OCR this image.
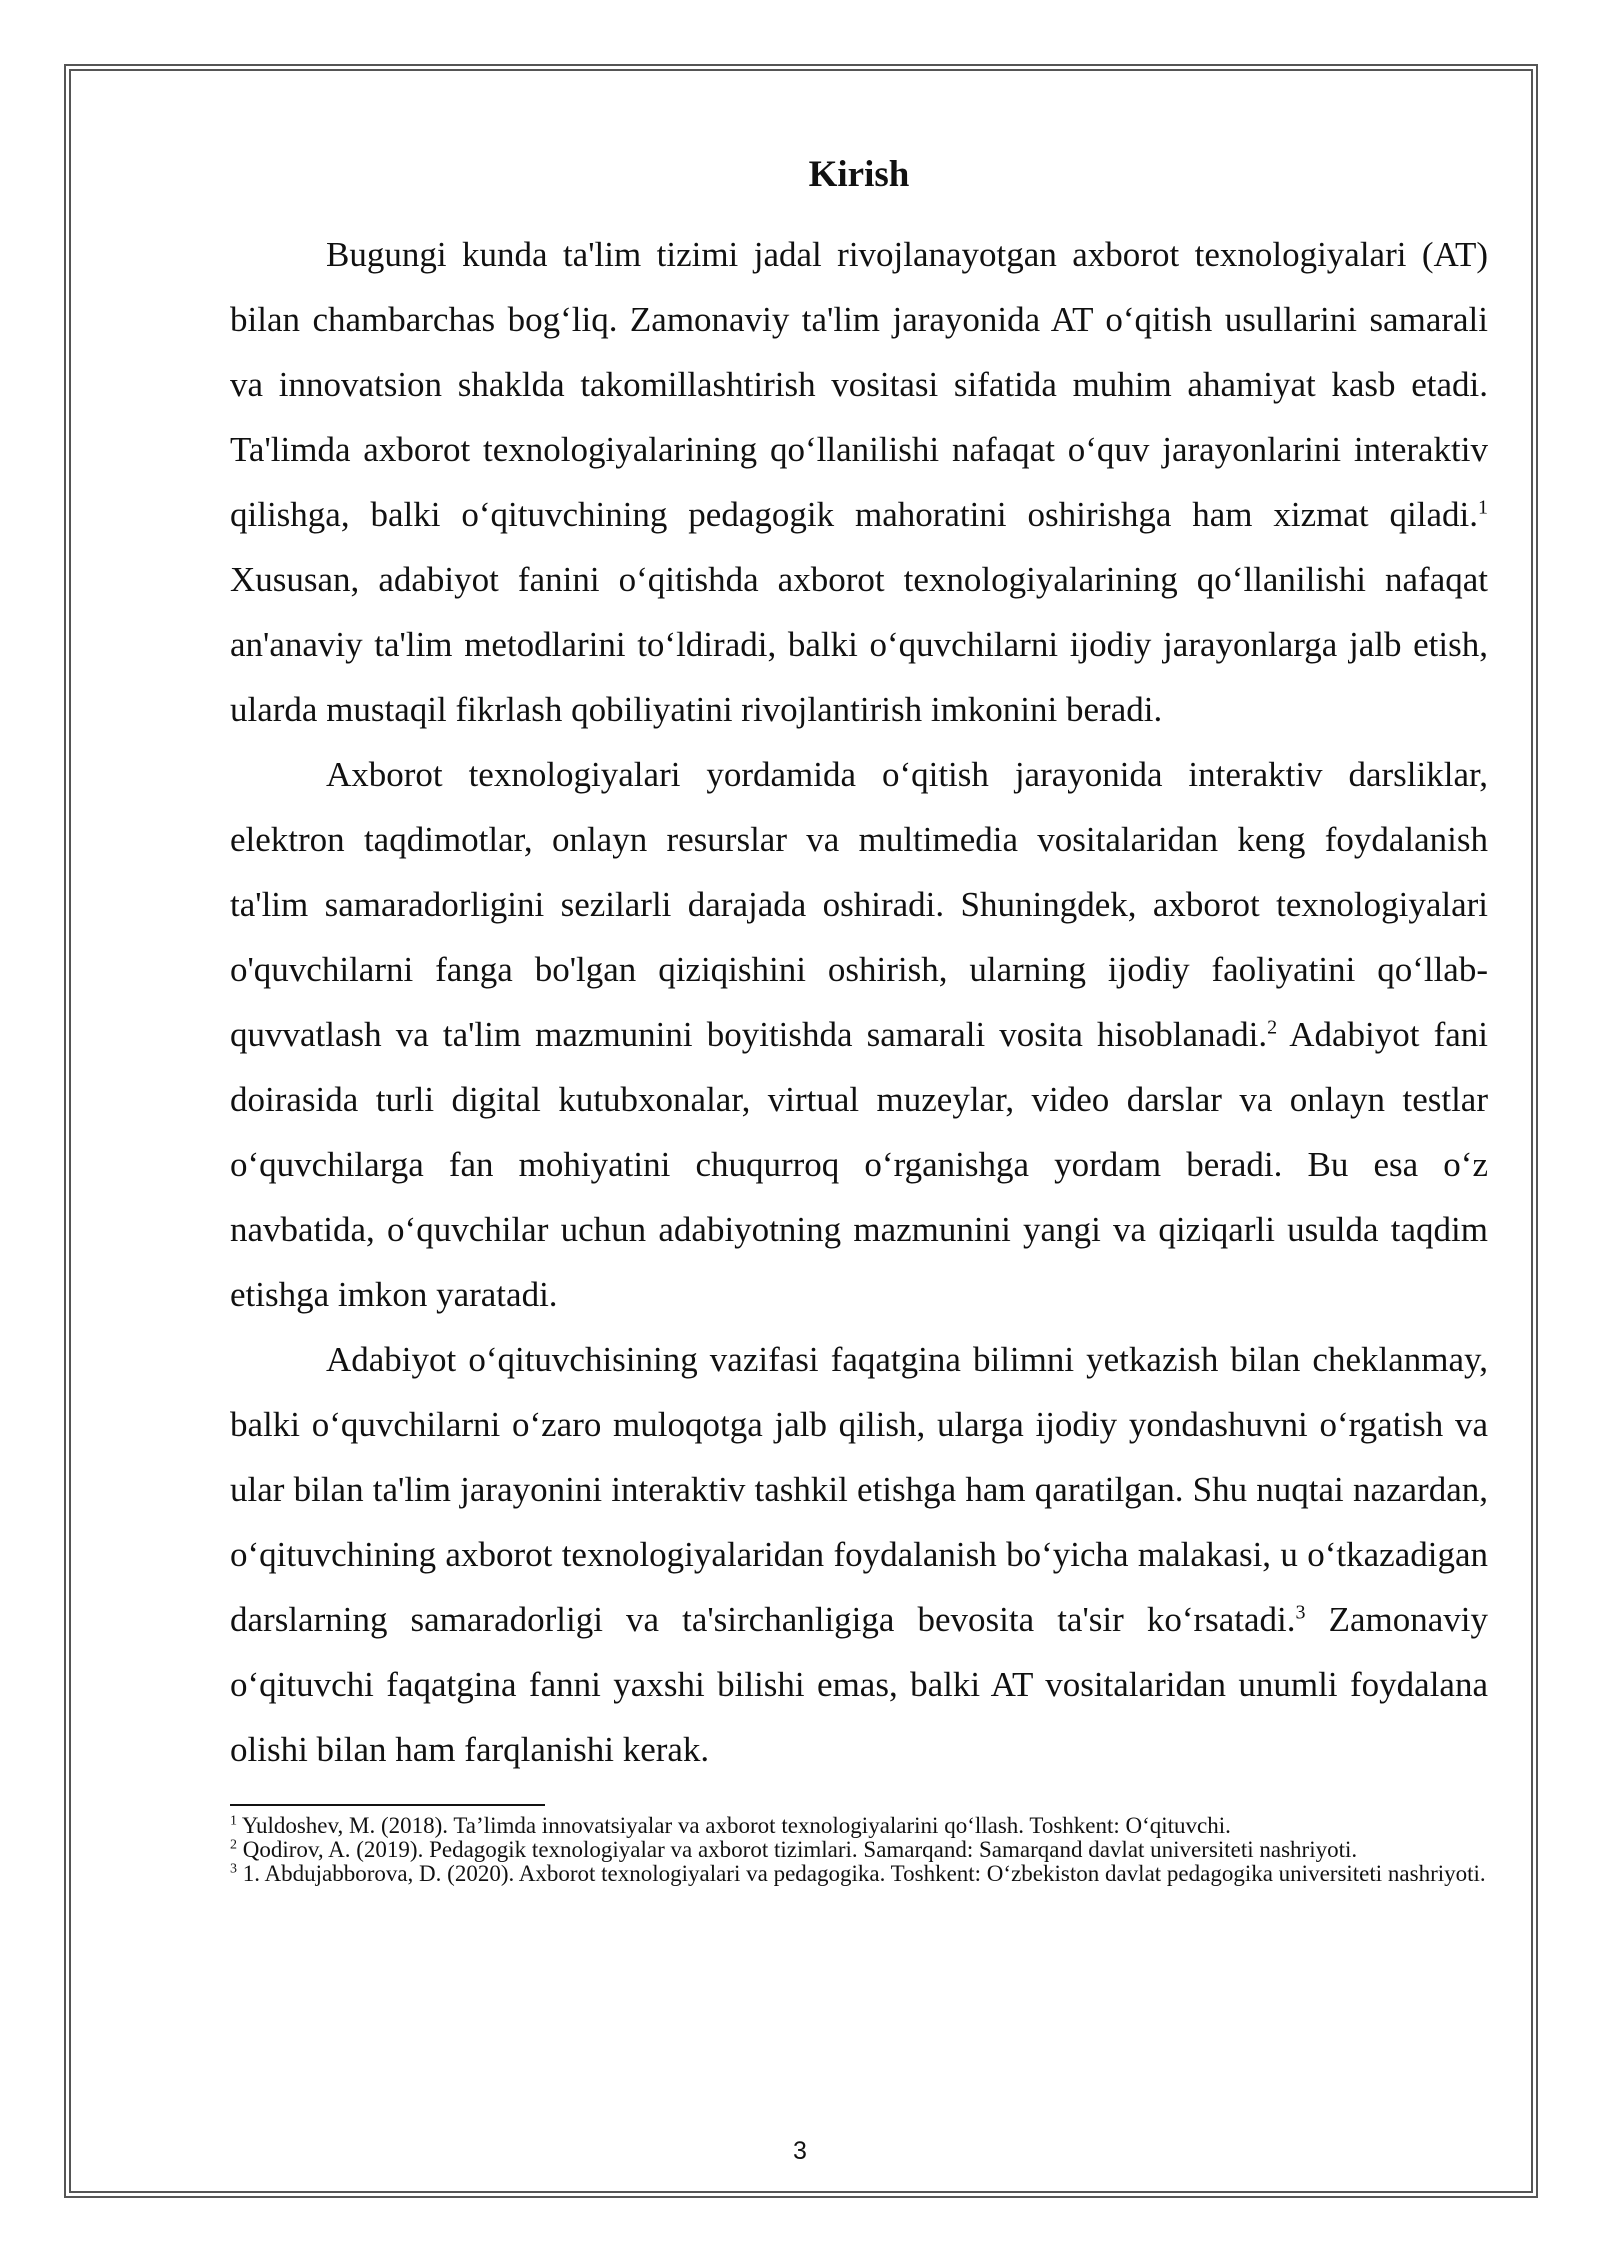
Kirish

Bugungi kunda ta'lim tizimi jadal rivojlanayotgan axborot texnologiyalari (AT) bilan chambarchas bog‘liq. Zamonaviy ta'lim jarayonida AT o‘qitish usullarini samarali va innovatsion shaklda takomillashtirish vositasi sifatida muhim ahamiyat kasb etadi. Ta'limda axborot texnologiyalarining qo‘llanilishi nafaqat o‘quv jarayonlarini interaktiv qilishga, balki o‘qituvchining pedagogik mahoratini oshirishga ham xizmat qiladi.$^1$ Xususan, adabiyot fanini o‘qitishda axborot texnologiyalarining qo‘llanilishi nafaqat an'anaviy ta'lim metodlarini to‘ldiradi, balki o‘quvchilarni ijodiy jarayonlarga jalb etish, ularda mustaqil fikrlash qobiliyatini rivojlantirish imkonini beradi.

Axborot texnologiyalari yordamida o‘qitish jarayonida interaktiv darsliklar, elektron taqdimotlar, onlayn resurslar va multimedia vositalaridan keng foydalanish ta'lim samaradorligini sezilarli darajada oshiradi. Shuningdek, axborot texnologiyalari o'quvchilarni fanga bo'lgan qiziqishini oshirish, ularning ijodiy faoliyatini qo‘llab-quvvatlash va ta'lim mazmunini boyitishda samarali vosita hisoblanadi.$^2$ Adabiyot fani doirasida turli digital kutubxonalar, virtual muzeylar, video darslar va onlayn testlar o‘quvchilarga fan mohiyatini chuqurroq o‘rganishga yordam beradi. Bu esa o‘z navbatida, o‘quvchilar uchun adabiyotning mazmunini yangi va qiziqarli usulda taqdim etishga imkon yaratadi.

Adabiyot o‘qituvchisining vazifasi faqatgina bilimni yetkazish bilan cheklanmay, balki o‘quvchilarni o‘zaro muloqotga jalb qilish, ularga ijodiy yondashuvni o‘rgatish va ular bilan ta'lim jarayonini interaktiv tashkil etishga ham qaratilgan. Shu nuqtai nazardan, o‘qituvchining axborot texnologiyalaridan foydalanish bo‘yicha malakasi, u o‘tkazadigan darslarning samaradorligi va ta'sirchanligiga bevosita ta'sir ko‘rsatadi.$^3$ Zamonaviy o‘qituvchi faqatgina fanni yaxshi bilishi emas, balki AT vositalaridan unumli foydalana olishi bilan ham farqlanishi kerak.

$^1$ Yuldoshev, M. (2018). Ta’limda innovatsiyalar va axborot texnologiyalarini qo‘llash. Toshkent: O‘qituvchi.

$^2$ Qodirov, A. (2019). Pedagogik texnologiyalar va axborot tizimlari. Samarqand: Samarqand davlat universiteti nashriyoti.

$^3$ 1. Abdujabborova, D. (2020). Axborot texnologiyalari va pedagogika. Toshkent: O‘zbekiston davlat pedagogika universiteti nashriyoti.

3
